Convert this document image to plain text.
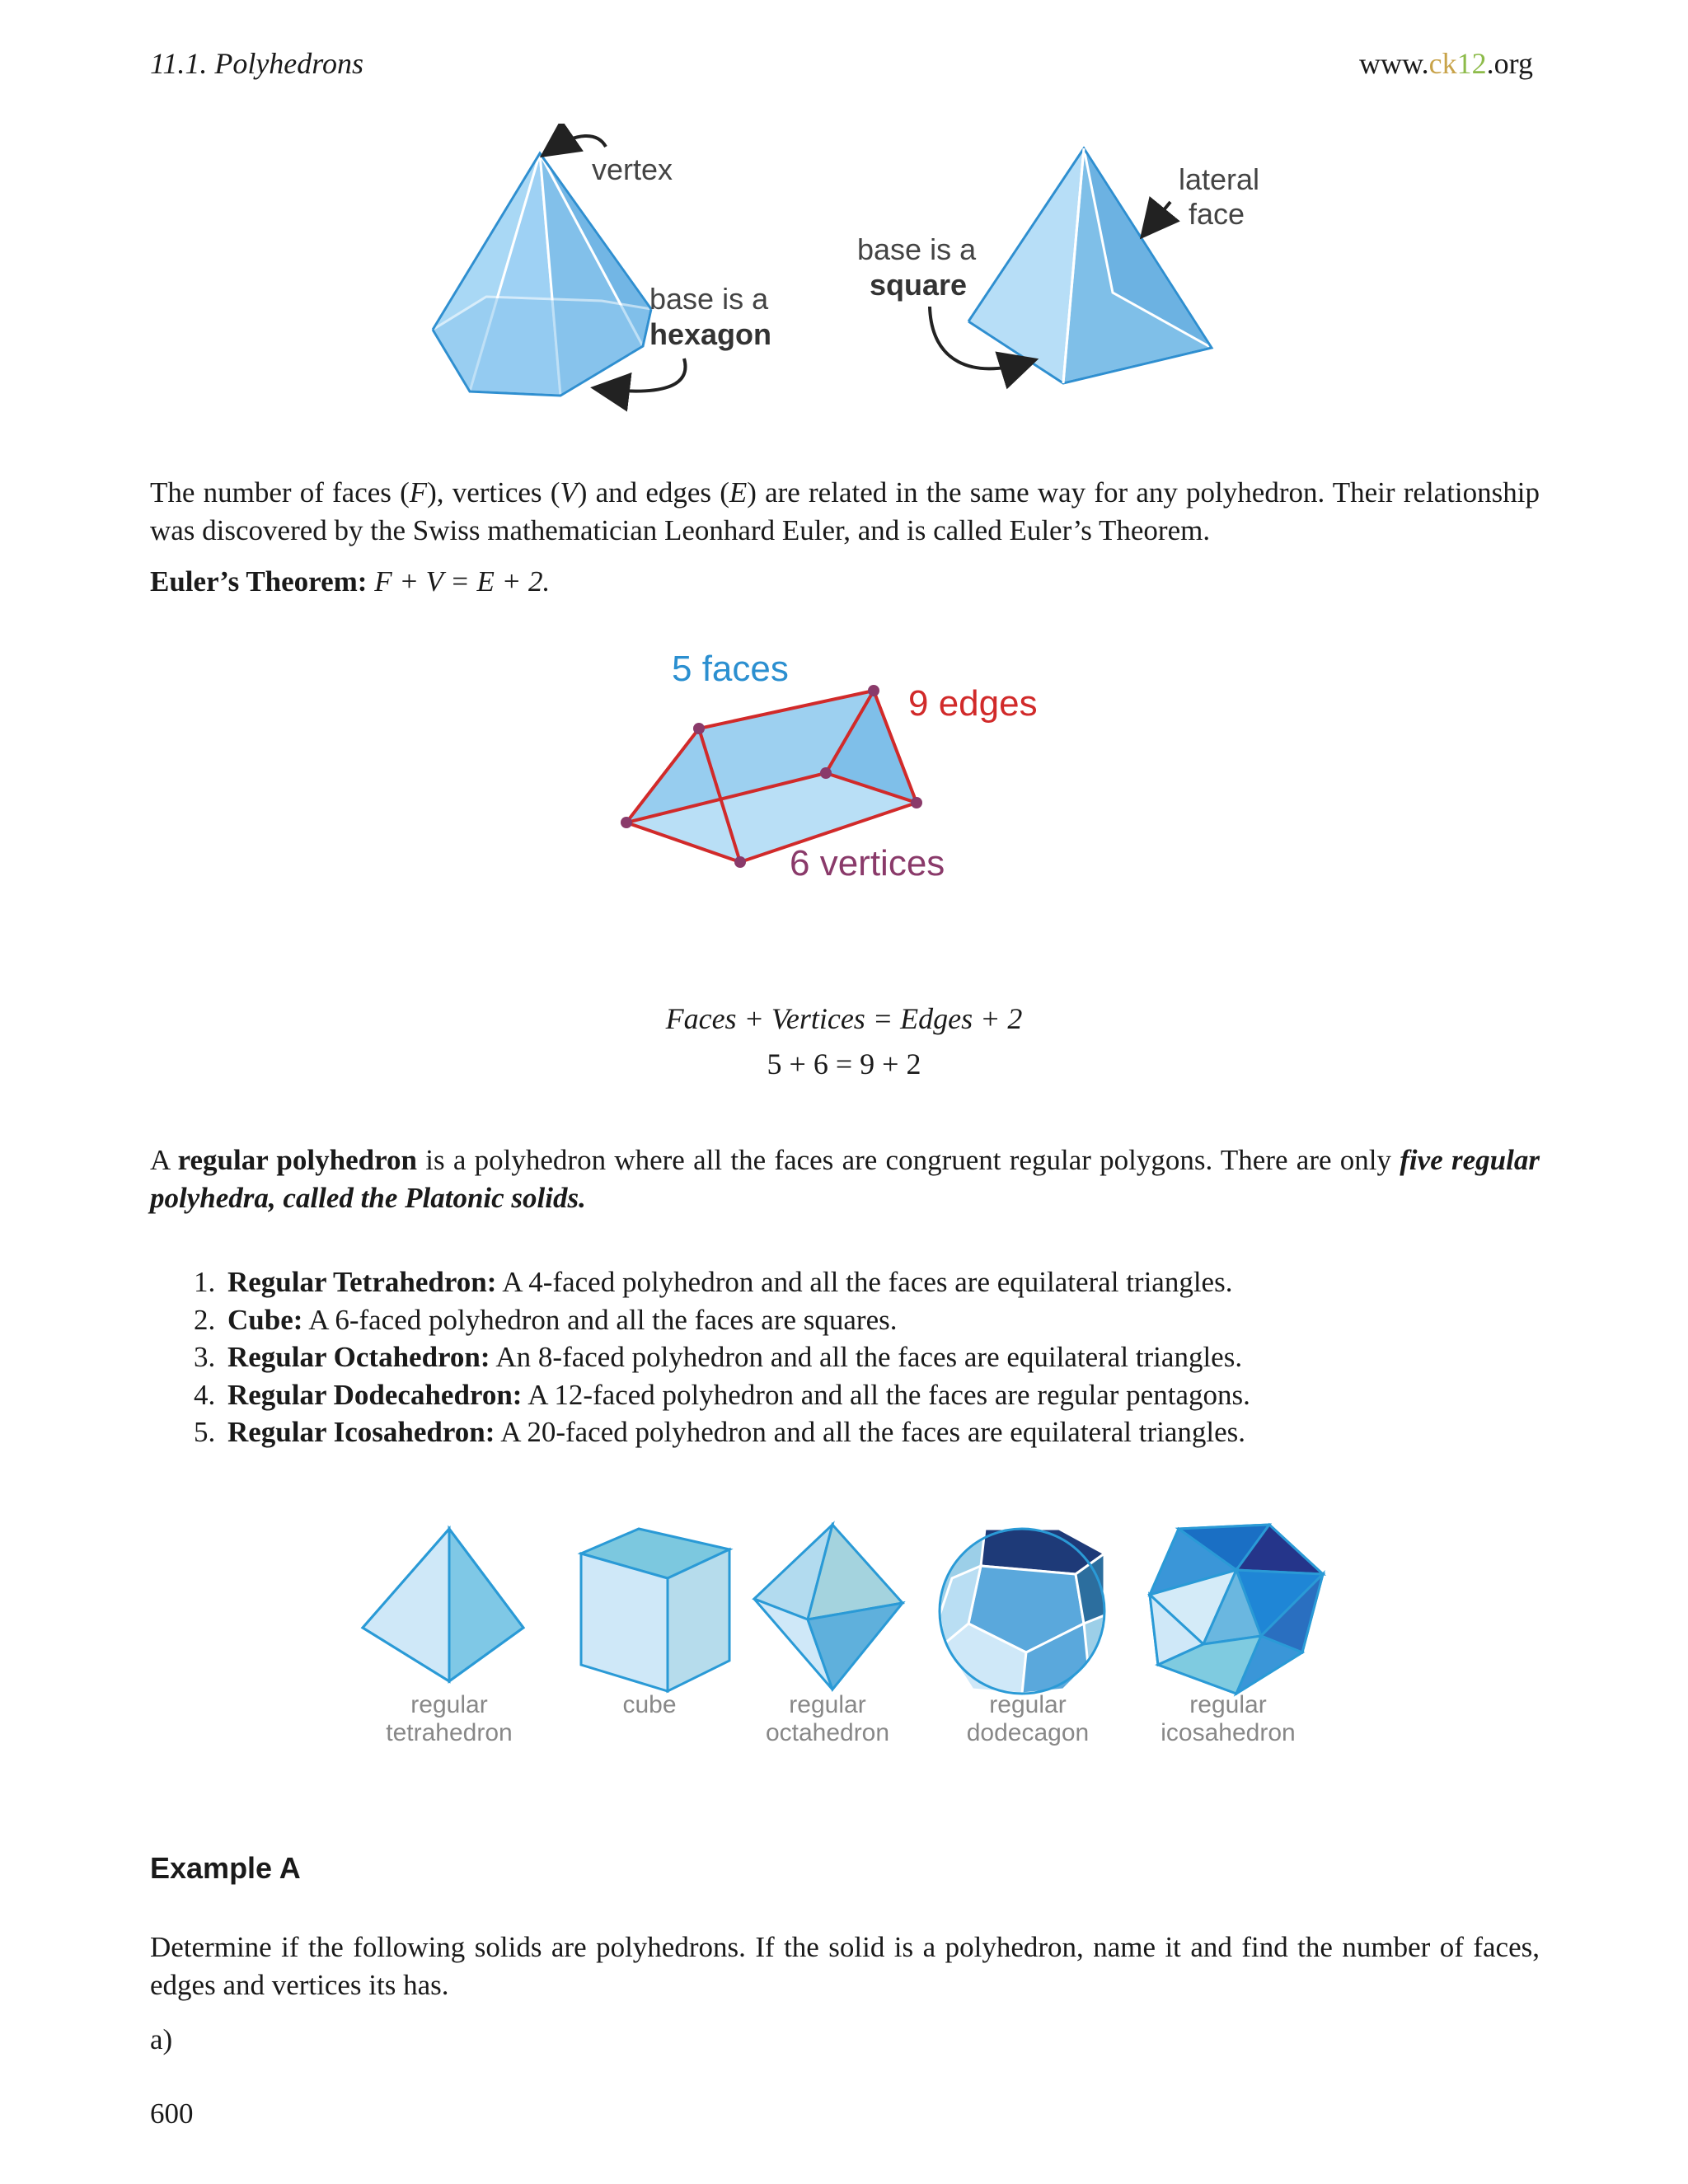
11.1. Polyhedrons	www.ck12.org
vertex
base is a
hexagon
lateral
face
base is a
square
The number of faces (F), vertices (V) and edges (E) are related in the same way for any polyhedron. Their relationship was discovered by the Swiss mathematician Leonhard Euler, and is called Euler’s Theorem.
Euler’s Theorem: F + V = E + 2.
5 faces
9 edges
6 vertices
Faces + Vertices = Edges + 2
5 + 6 = 9 + 2
A regular polyhedron is a polyhedron where all the faces are congruent regular polygons. There are only five regular polyhedra, called the Platonic solids.
1. Regular Tetrahedron: A 4-faced polyhedron and all the faces are equilateral triangles.
2. Cube: A 6-faced polyhedron and all the faces are squares.
3. Regular Octahedron: An 8-faced polyhedron and all the faces are equilateral triangles.
4. Regular Dodecahedron: A 12-faced polyhedron and all the faces are regular pentagons.
5. Regular Icosahedron: A 20-faced polyhedron and all the faces are equilateral triangles.
regular
tetrahedron
cube	regular
octahedron
regular
dodecagon
regular
icosahedron
Example A
Determine if the following solids are polyhedrons. If the solid is a polyhedron, name it and find the number of faces, edges and vertices its has.
a)
600
